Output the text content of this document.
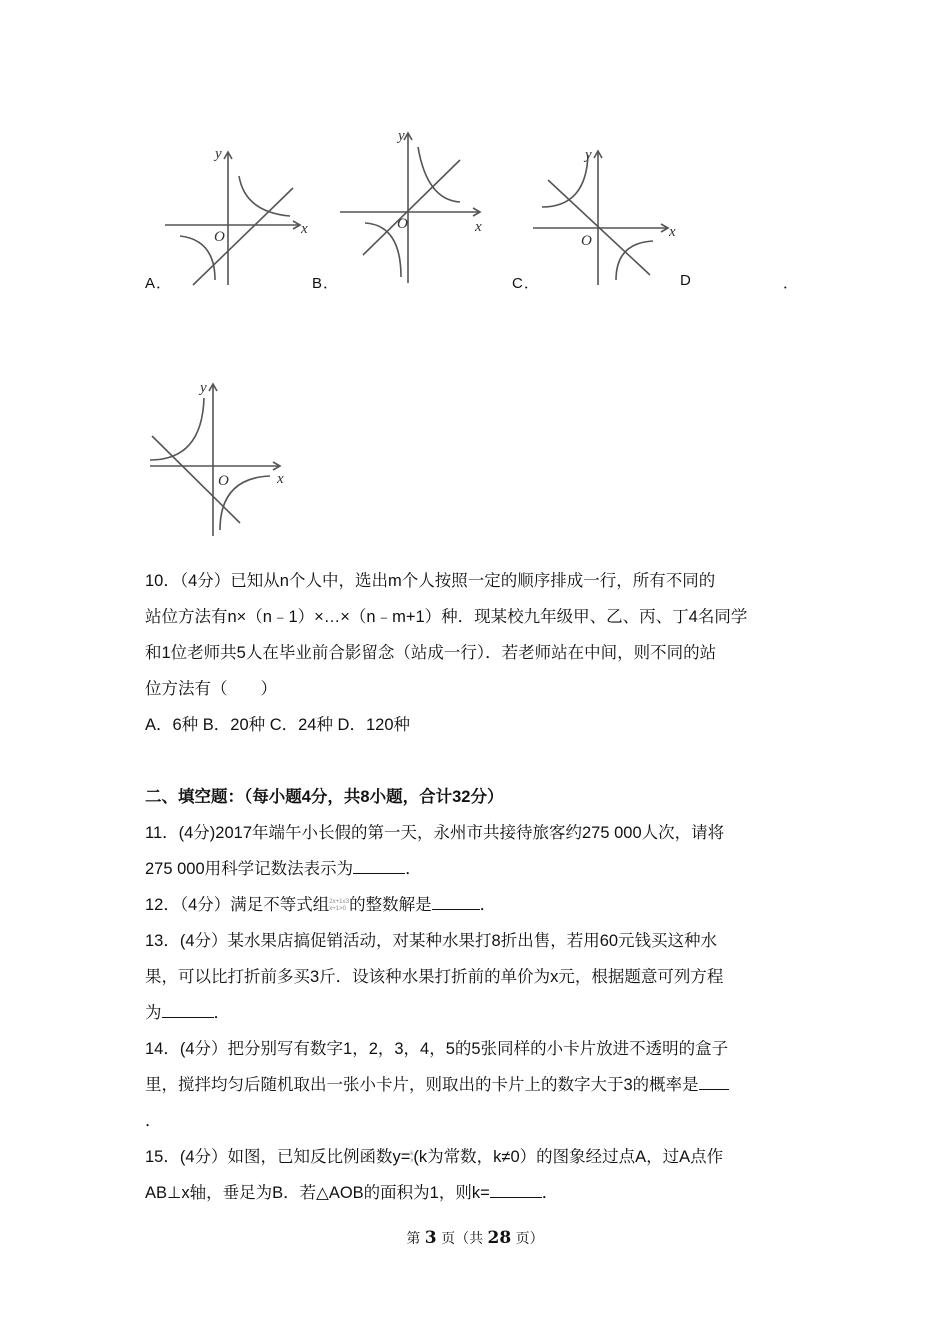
x
y
O
x
y
O	x
y
O
x
y
O
A．	B．	C．	D	．
10．（4分）已知从n个人中，选出m个人按照一定的顺序排成一行，所有不同的
站位方法有n×（n﹣1）×…×（n﹣m+1）种．现某校九年级甲、乙、丙、丁4名同学
和1位老师共5人在毕业前合影留念（站成一行）．若老师站在中间，则不同的站
位方法有（　　）
A．6种 B．20种 C．24种 D．120种
二、填空题：（每小题4分，共8小题，合计32分）
11．(4分)2017年端午小长假的第一天，永州市共接待旅客约275 000人次，请将
275 000用科学记数法表示为	．
12．（4分）满足不等式组2x+1≤3
x+1>0 的整数解是	．
13．(4分）某水果店搞促销活动，对某种水果打8折出售，若用60元钱买这种水
果，可以比打折前多买3斤．设该种水果打折前的单价为x元，根据题意可列方程
为	．
14．(4分）把分别写有数字1，2，3，4，5的5张同样的小卡片放进不透明的盒子
里，搅拌均匀后随机取出一张小卡片，则取出的卡片上的数字大于3的概率是
．
15．(4分）如图，已知反比例函数y=k
x(k为常数，k≠0）的图象经过点A，过A点作
AB⊥x轴，垂足为B．若△AOB的面积为1，则k=	．
第 3 页（共 28 页）
